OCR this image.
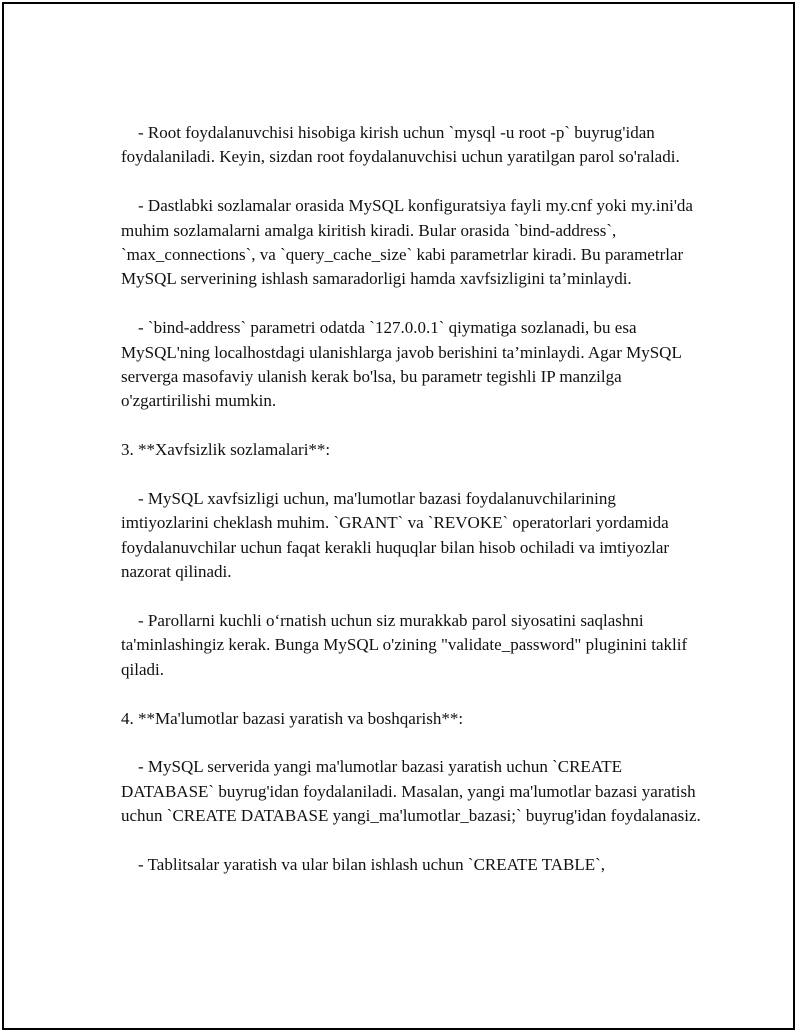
- Root foydalanuvchisi hisobiga kirish uchun `mysql -u root -p` buyrug'idan foydalaniladi. Keyin, sizdan root foydalanuvchisi uchun yaratilgan parol so'raladi.

- Dastlabki sozlamalar orasida MySQL konfiguratsiya fayli my.cnf yoki my.ini'da muhim sozlamalarni amalga kiritish kiradi. Bular orasida `bind-address`, `max_connections`, va `query_cache_size` kabi parametrlar kiradi. Bu parametrlar MySQL serverining ishlash samaradorligi hamda xavfsizligini ta’minlaydi.

- `bind-address` parametri odatda `127.0.0.1` qiymatiga sozlanadi, bu esa MySQL'ning localhostdagi ulanishlarga javob berishini ta’minlaydi. Agar MySQL serverga masofaviy ulanish kerak bo'lsa, bu parametr tegishli IP manzilga o'zgartirilishi mumkin.

3. **Xavfsizlik sozlamalari**:

- MySQL xavfsizligi uchun, ma'lumotlar bazasi foydalanuvchilarining imtiyozlarini cheklash muhim. `GRANT` va `REVOKE` operatorlari yordamida foydalanuvchilar uchun faqat kerakli huquqlar bilan hisob ochiladi va imtiyozlar nazorat qilinadi.

- Parollarni kuchli o‘rnatish uchun siz murakkab parol siyosatini saqlashni ta'minlashingiz kerak. Bunga MySQL o'zining "validate_password" pluginini taklif qiladi.

4. **Ma'lumotlar bazasi yaratish va boshqarish**:

- MySQL serverida yangi ma'lumotlar bazasi yaratish uchun `CREATE DATABASE` buyrug'idan foydalaniladi. Masalan, yangi ma'lumotlar bazasi yaratish uchun `CREATE DATABASE yangi_ma'lumotlar_bazasi;` buyrug'idan foydalanasiz.

- Tablitsalar yaratish va ular bilan ishlash uchun `CREATE TABLE`,
